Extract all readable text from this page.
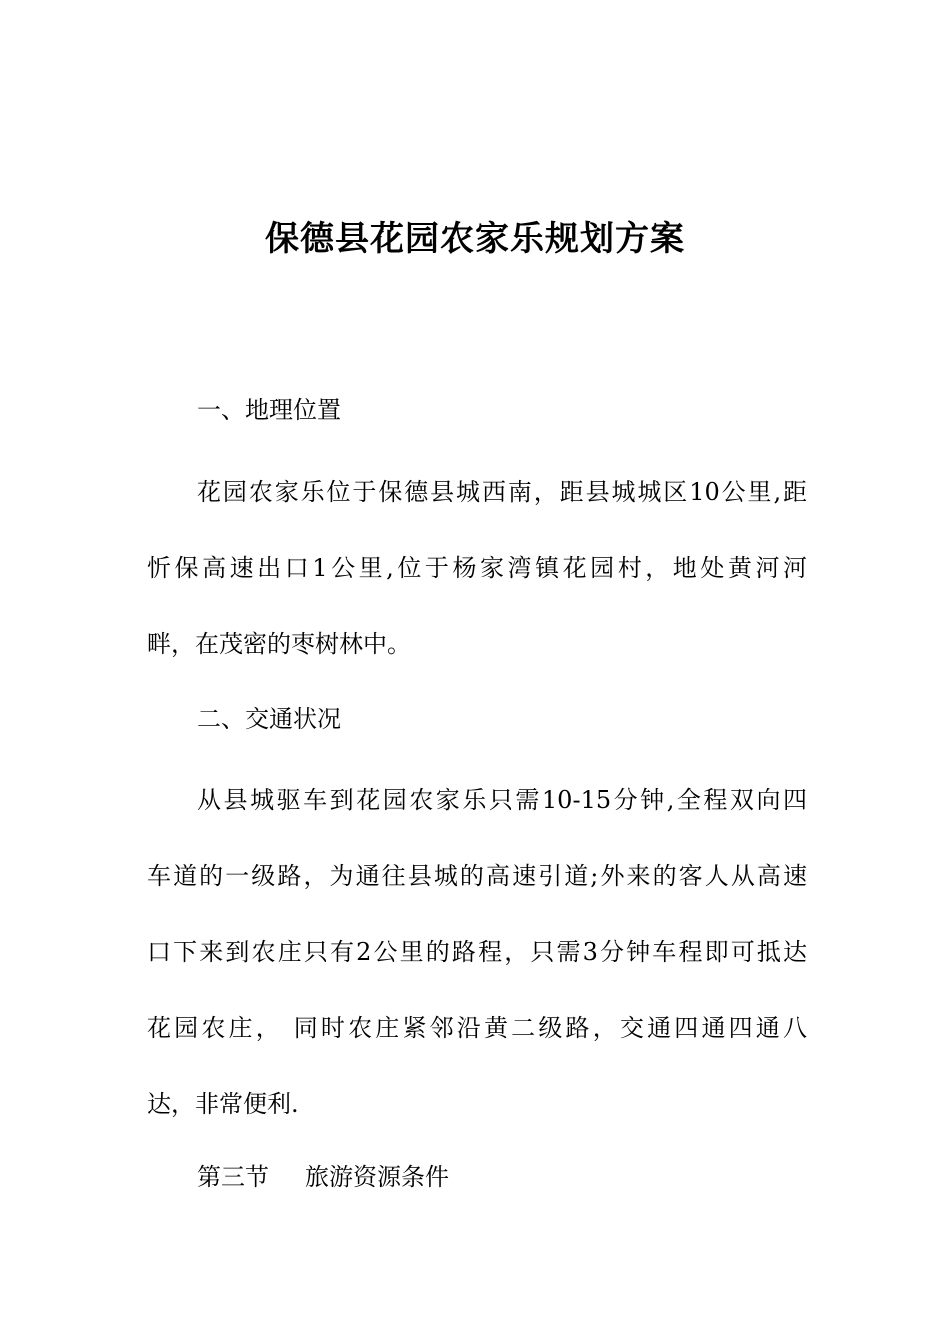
保德县花园农家乐规划方案
一、地理位置
花园农家乐位于保德县城西南，距县城城区10公里,距
忻保高速出口1公里,位于杨家湾镇花园村，地处黄河河
畔，在茂密的枣树林中。
二、交通状况
从县城驱车到花园农家乐只需10-15分钟,全程双向四
车道的一级路，为通往县城的高速引道;外来的客人从高速
口下来到农庄只有2公里的路程，只需3分钟车程即可抵达
花园农庄， 同时农庄紧邻沿黄二级路，交通四通四通八
达，非常便利.
第三节 旅游资源条件
